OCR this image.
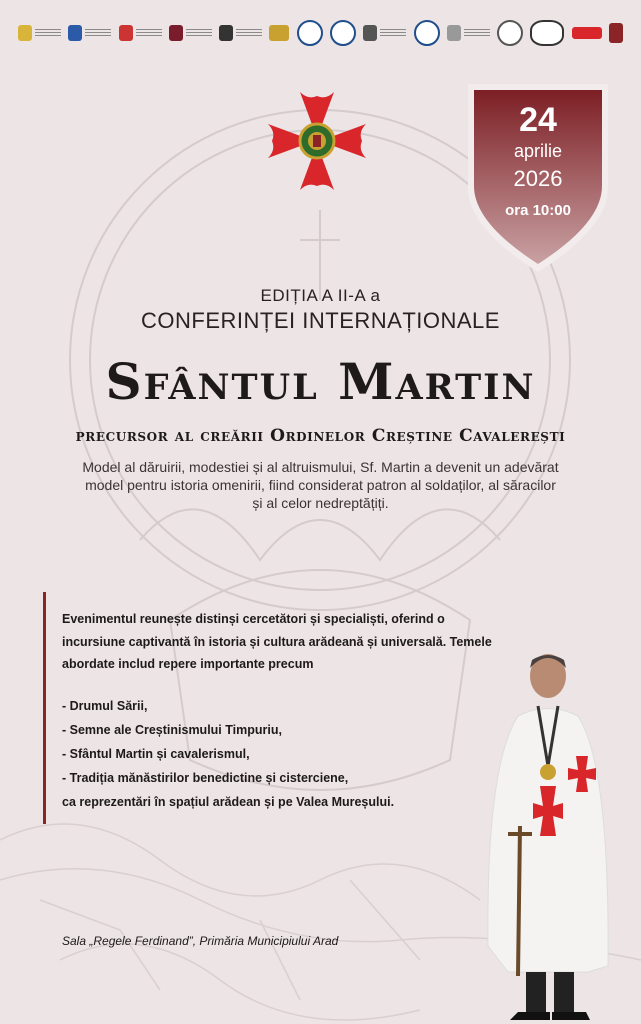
24
aprilie
2026
ora 10:00
EDIȚIA A II-A a
CONFERINȚEI INTERNAȚIONALE
Sfântul Martin
precursor al creării Ordinelor Creștine Cavalerești
Model al dăruirii, modestiei și al altruismului, Sf. Martin a devenit un adevărat model pentru istoria omenirii, fiind considerat patron al soldaților, al săracilor și al celor nedreptățiți.
Evenimentul reunește distinși cercetători și specialiști, oferind o incursiune captivantă în istoria și cultura arădeană și universală. Temele abordate includ repere importante precum
- Drumul Sării,
- Semne ale Creștinismului Timpuriu,
- Sfântul Martin și cavalerismul,
- Tradiția mănăstirilor benedictine și cisterciene,
ca reprezentări în spațiul arădean și pe Valea Mureșului.
Sala „Regele Ferdinand”, Primăria Municipiului Arad
